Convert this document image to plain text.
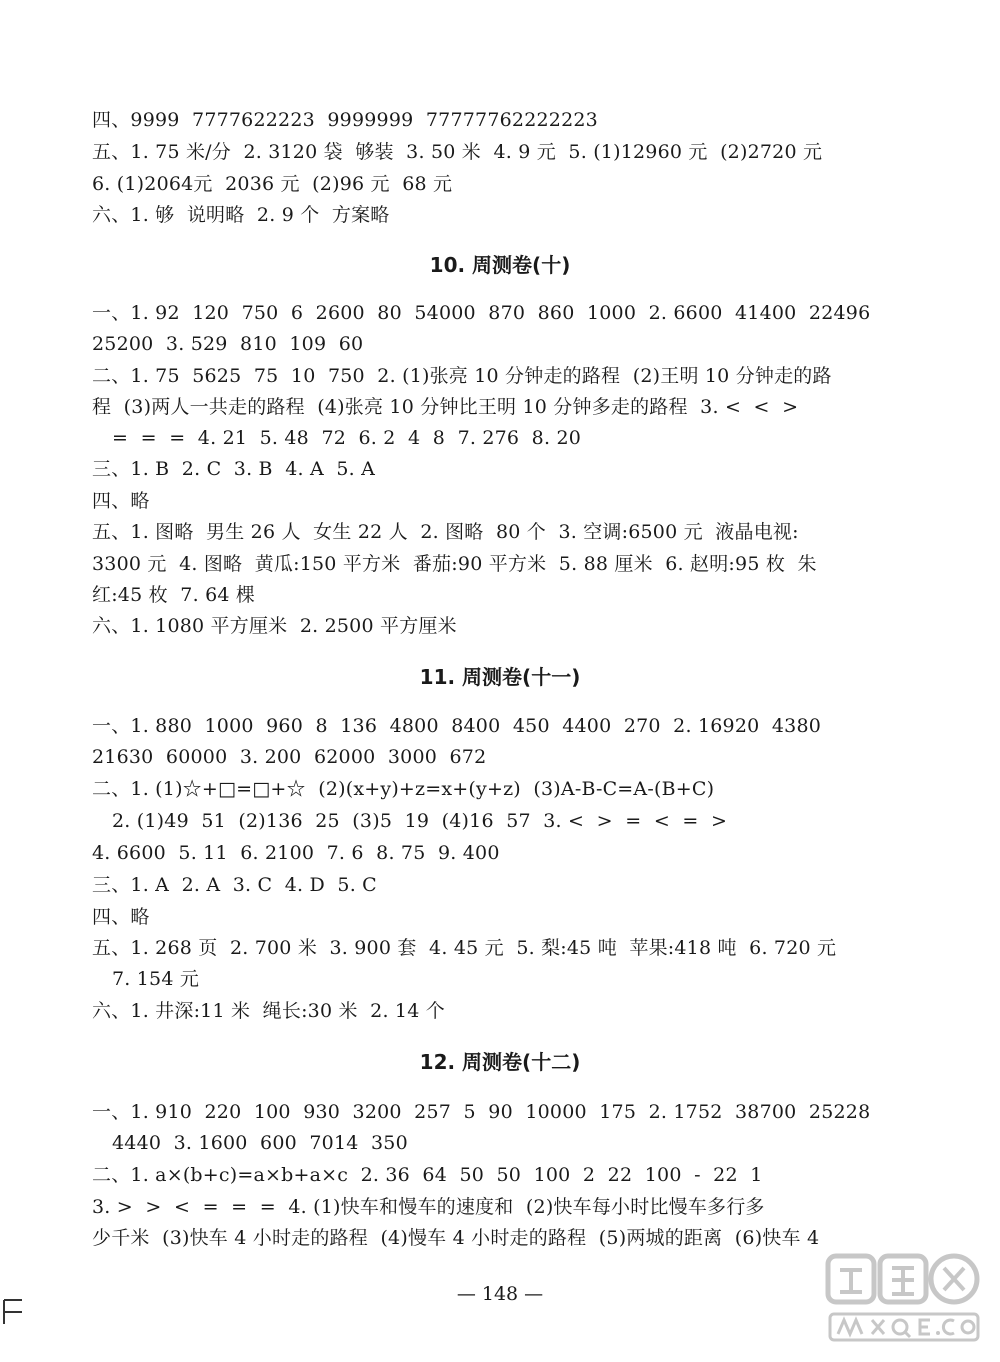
四、9999  7777622223  9999999  77777762222223
五、1. 75 米/分  2. 3120 袋  够装  3. 50 米  4. 9 元  5. (1)12960 元  (2)2720 元
6. (1)2064元  2036 元  (2)96 元  68 元
六、1. 够  说明略  2. 9 个  方案略
10. 周测卷(十)
一、1. 92  120  750  6  2600  80  54000  870  860  1000  2. 6600  41400  22496
25200  3. 529  810  109  60
二、1. 75  5625  75  10  750  2. (1)张亮 10 分钟走的路程  (2)王明 10 分钟走的路
程  (3)两人一共走的路程  (4)张亮 10 分钟比王明 10 分钟多走的路程  3. <  <  >
=  =  =  4. 21  5. 48  72  6. 2  4  8  7. 276  8. 20
三、1. B  2. C  3. B  4. A  5. A
四、略
五、1. 图略  男生 26 人  女生 22 人  2. 图略  80 个  3. 空调:6500 元  液晶电视:
3300 元  4. 图略  黄瓜:150 平方米  番茄:90 平方米  5. 88 厘米  6. 赵明:95 枚  朱
红:45 枚  7. 64 棵
六、1. 1080 平方厘米  2. 2500 平方厘米
11. 周测卷(十一)
一、1. 880  1000  960  8  136  4800  8400  450  4400  270  2. 16920  4380
21630  60000  3. 200  62000  3000  672
二、1. (1)☆+□=□+☆  (2)(x+y)+z=x+(y+z)  (3)A-B-C=A-(B+C)
2. (1)49  51  (2)136  25  (3)5  19  (4)16  57  3. <  >  =  <  =  >
4. 6600  5. 11  6. 2100  7. 6  8. 75  9. 400
三、1. A  2. A  3. C  4. D  5. C
四、略
五、1. 268 页  2. 700 米  3. 900 套  4. 45 元  5. 梨:45 吨  苹果:418 吨  6. 720 元
7. 154 元
六、1. 井深:11 米  绳长:30 米  2. 14 个
12. 周测卷(十二)
一、1. 910  220  100  930  3200  257  5  90  10000  175  2. 1752  38700  25228
4440  3. 1600  600  7014  350
二、1. a×(b+c)=a×b+a×c  2. 36  64  50  50  100  2  22  100  -  22  1
3. >  >  <  =  =  =  4. (1)快车和慢车的速度和  (2)快车每小时比慢车多行多
少千米  (3)快车 4 小时走的路程  (4)慢车 4 小时走的路程  (5)两城的距离  (6)快车 4
— 148 —
